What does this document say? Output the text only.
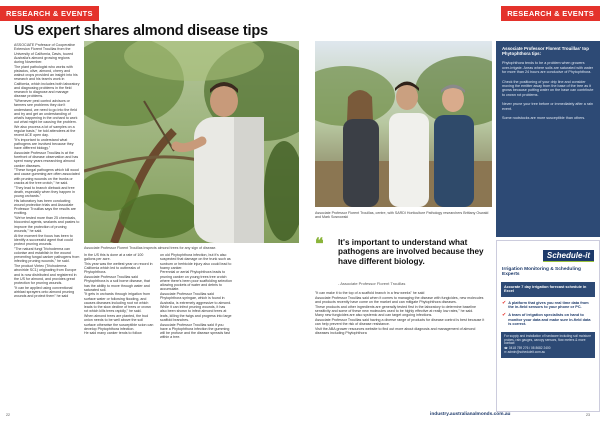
RESEARCH & EVENTS	RESEARCH & EVENTS
US expert shares almond disease tips

ASSOCIATE Professor of Cooperative Extension Florent Trouillas from the University of California, Davis, toured Australia's almond growing regions during November.

The plant pathologist who works with pistacios, olive, almond, cherry and walnut crops provided an insight into his research and his team's work in California, which includes both laboratory and diagnosing problems in the field research to diagnose and manage disease problems.

"Whenever pest control advisors or farmers see problems they don't understand, we need to go into the field and try and get an understanding of what's happening in the orchard to work out what might be causing the problem. We also process a lot of samples on a regular basis," he told attendees at the recent ACE open day.

"It's important to understand what pathogens are involved because they have different biology."

Associate Professor Trouillas is at the forefront of disease observation and has spent many years researching almond canker diseases.

"These fungal pathogens which kill wood and cause gumming are often associated with pruning wounds on the trunks or cracks at the tree crotch," he said.

"They lead to branch dieback and tree death, especially when they happen in young orchards."

His laboratory has been conducting wound protection trials and Associate Professor Trouillas says the results are exciting.

"We've tested more than 25 chemicals, biocontrol agents, sealants and pastes to improve the protection of pruning wounds," he said.

At the moment the focus has been to identify a successful agent that could protect pruning wounds.

"The natural fungi Trichoderma can colonise and establish in the wound preventing fungal canker pathogens from infecting pruning wounds," he said.

The product Vintec (Trichoderma atroviride SC1) originating from Europe and is now distributed and registered in the US for almond, and provides great protection for pruning wounds.

"It can be applied using conventional airblast sprayers onto almond pruning wounds and protect them" he said

Associate Professor Florent Trouillas inspects almond trees for any sign of disease.

In the US this is done at a rate of 100 gallons per acre.

This year was the wettest year on record in California which led to outbreaks of Phytophthora.

Associate Professor Trouillas said Phytophthora is a soil borne disease, that has the ability to move through water and saturated soil.

"It gets in orchards through irrigation from surface water or following flooding, and causes diseases including root rot which leads to the slow decline of trees or crown rot which kills trees rapidly," he said.

When almond trees are planted, the bud union needs to be well above the soil surface otherwise the susceptible scion can develop Phytophthora infection.

He said many canker tends to follow

on old Phytophthora infection, but it's also suspected that damage on the trunk such as sunburn or herbicide injury also could lead to foamy canker.

Perennial or aerial Phytophthora leads to pruning canker on young trees tree crotch where there's been poor scaffolding selection allowing pockets of water and debris to accumulate.

Associate Professor Trouillas said Phytophthora syringae, which is found in Australia, is extremely aggressive to almond.

While it can infect pruning wounds, it has also been shown to infect almond trees at leafs, killing the twigs and progress into large scaffold branches.

Associate Professor Trouillas said if you have a Phytophthora infection the gumming will be profuse and the disease spreads fast within a tree.

Associate Professor Florent Trouillas, centre, with SARDI Horticulture Pathology researchers Brittany Oswald and Mark Sosnowski
❝ It's important to understand what pathogens are involved because they have different biology.
- Associate Professor Florent Trouillas

"It can make it to the top of a scaffold branch in a few weeks" he said

Associate Professor Trouillas said when it comes to managing the disease with fungicides, new molecules and products recently have come on the market and can mitigate Phytophthora diseases.

These products and other ingredients are generally tested first in the laboratory to determine baseline sensitivity and some of these new molecules used to be highly effective at really low rates," he said.

Many new fungicides are also systemic and can target ongoing infections.

Associate Professor Trouillas said having a diverse range of products for disease control is best because it can help prevent the risk of disease resistance.

Visit the ABA grower resources website to find out more about diagnosis and management of almond diseases including Phytophthora

Associate Professor Florent Trouillas' top Phytophthora tips:
Phytophthora tends to be a problem when growers over-irrigate. Areas where soils are saturated with water for more than 24 hours are conducive of Phytophthora.
Check the positioning of your drip line and consider moving the emitter away from the base of the tree as it grows because putting water on the base can contribute to crown rot problems.
Never prune your tree before or immediately after a rain event.
Some rootstocks are more susceptible than others.
Schedule-it
Irrigation Monitoring & Scheduling Experts
Accurate 7 day irrigation forecast schedule in Excel
✔ A platform that gives you real time data from the in-field sensors to your phone or PC.
✔ A team of irrigation specialists on hand to monitor your data and make sure in-field data is correct.
For supply and installation of hardware including soil moisture probes, rain gauges, canopy sensors, flow meters & more contact:
☎ 0418 759 276 / 08 8682 2400
✉ admin@scheduleit.com.au
22	industry.australianalmonds.com.au	23
